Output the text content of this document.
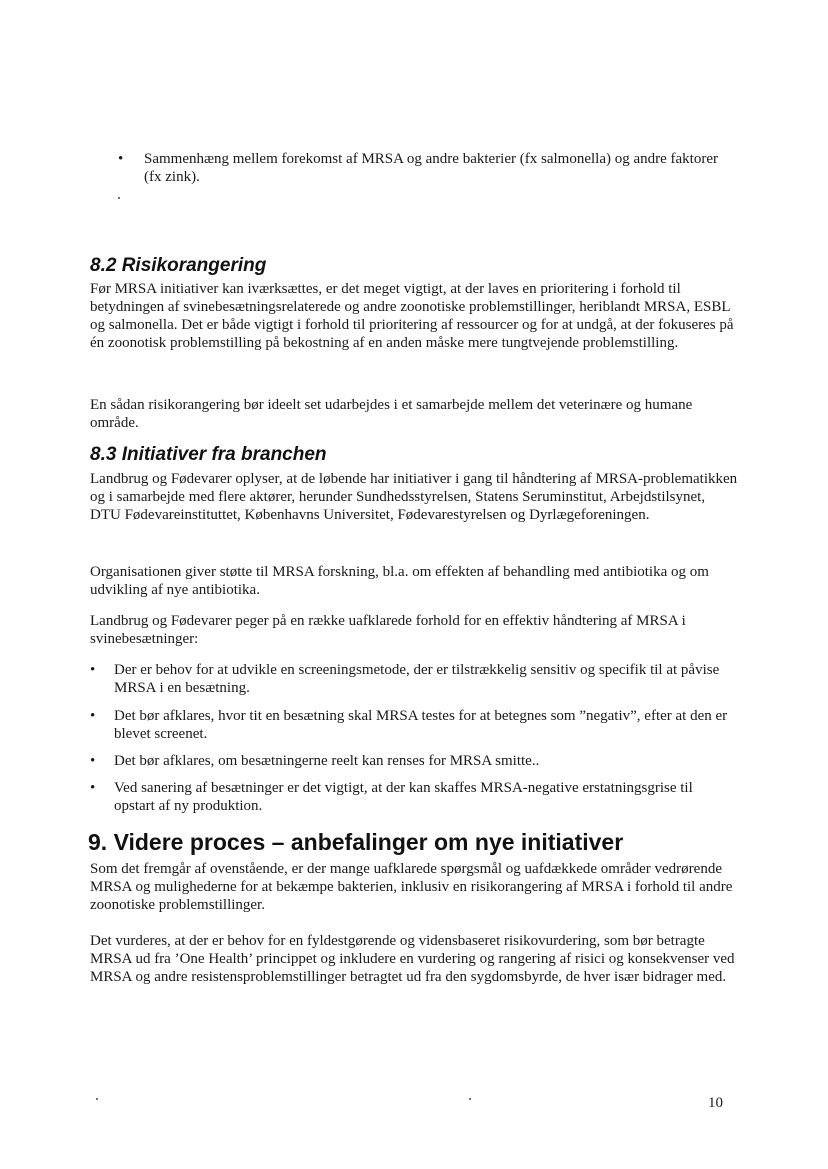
• Sammenhæng mellem forekomst af MRSA og andre bakterier (fx salmonella) og andre faktorer (fx zink).

8.2 Risikorangering

Før MRSA initiativer kan iværksættes, er det meget vigtigt, at der laves en prioritering i forhold til betydningen af svinebesætningsrelaterede og andre zoonotiske problemstillinger, heriblandt MRSA, ESBL og salmonella. Det er både vigtigt i forhold til prioritering af ressourcer og for at undgå, at der fokuseres på én zoonotisk problemstilling på bekostning af en anden måske mere tungtvejende problemstilling.

En sådan risikorangering bør ideelt set udarbejdes i et samarbejde mellem det veterinære og humane område.

8.3 Initiativer fra branchen

Landbrug og Fødevarer oplyser, at de løbende har initiativer i gang til håndtering af MRSA-problematikken og i samarbejde med flere aktører, herunder Sundhedsstyrelsen, Statens Seruminstitut, Arbejdstilsynet, DTU Fødevareinstituttet, Københavns Universitet, Fødevarestyrelsen og Dyrlægeforeningen.

Organisationen giver støtte til MRSA forskning, bl.a. om effekten af behandling med antibiotika og om udvikling af nye antibiotika.

Landbrug og Fødevarer peger på en række uafklarede forhold for en effektiv håndtering af MRSA i svinebesætninger:

• Der er behov for at udvikle en screeningsmetode, der er tilstrækkelig sensitiv og specifik til at påvise MRSA i en besætning.

• Det bør afklares, hvor tit en besætning skal MRSA testes for at betegnes som ”negativ”, efter at den er blevet screenet.

• Det bør afklares, om besætningerne reelt kan renses for MRSA smitte..

• Ved sanering af besætninger er det vigtigt, at der kan skaffes MRSA-negative erstatningsgrise til opstart af ny produktion.

9. Videre proces – anbefalinger om nye initiativer

Som det fremgår af ovenstående, er der mange uafklarede spørgsmål og uafdækkede områder vedrørende MRSA og mulighederne for at bekæmpe bakterien, inklusiv en risikorangering af MRSA i forhold til andre zoonotiske problemstillinger.

Det vurderes, at der er behov for en fyldestgørende og vidensbaseret risikovurdering, som bør betragte MRSA ud fra ’One Health’ princippet og inkludere en vurdering og rangering af risici og konsekvenser ved MRSA og andre resistensproblemstillinger betragtet ud fra den sygdomsbyrde, de hver især bidrager med.

10
